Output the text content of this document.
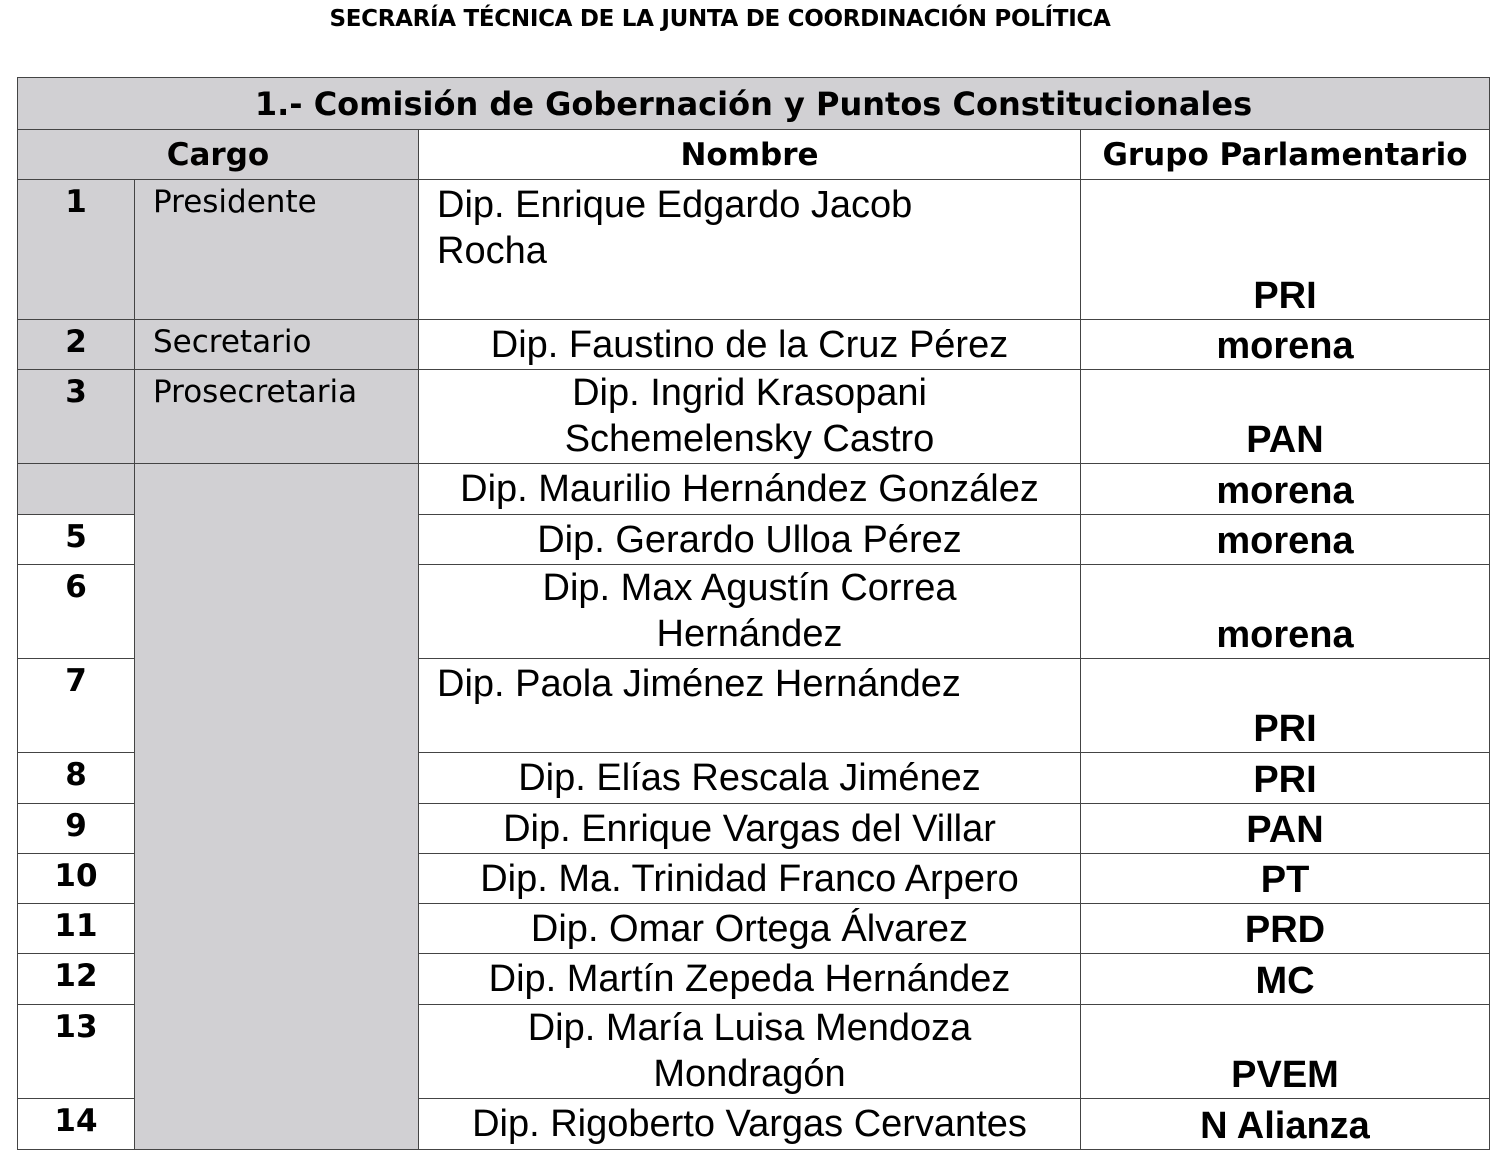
SECRARÍA TÉCNICA DE LA JUNTA DE COORDINACIÓN POLÍTICA
1.- Comisión de Gobernación y Puntos Constitucionales			
Cargo		Nombre	Grupo Parlamentario
1	Presidente	Dip. Enrique Edgardo Jacob Rocha	PRI
2	Secretario	Dip. Faustino de la Cruz Pérez	morena
3	Prosecretaria	Dip. Ingrid Krasopani Schemelensky Castro	PAN
		Dip. Maurilio Hernández González	morena
5		Dip. Gerardo Ulloa Pérez	morena
6		Dip. Max Agustín Correa Hernández	morena
7		Dip. Paola Jiménez Hernández	PRI
8		Dip. Elías Rescala Jiménez	PRI
9		Dip. Enrique Vargas del Villar	PAN
10		Dip. Ma. Trinidad Franco Arpero	PT
11		Dip. Omar Ortega Álvarez	PRD
12		Dip. Martín Zepeda Hernández	MC
13		Dip. María Luisa Mendoza Mondragón	PVEM
14		Dip. Rigoberto Vargas Cervantes	N Alianza
